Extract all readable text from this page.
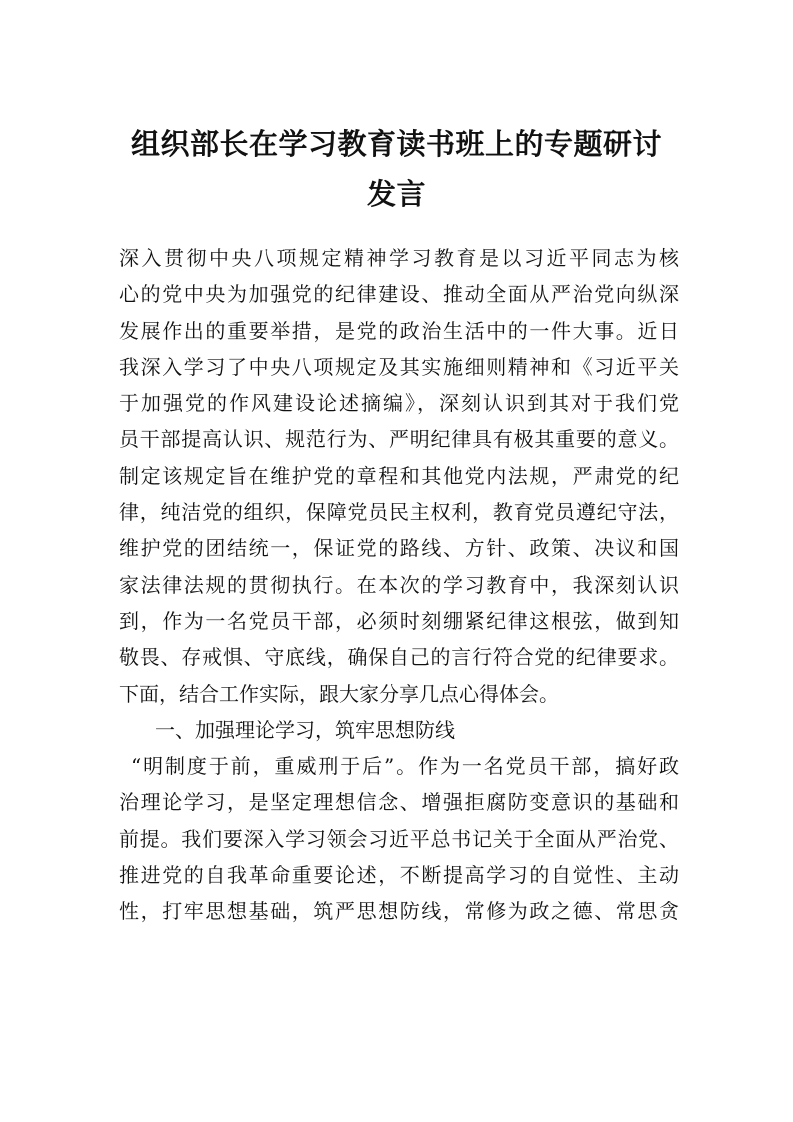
组织部长在学习教育读书班上的专题研讨
发言
深入贯彻中央八项规定精神学习教育是以习近平同志为核
心的党中央为加强党的纪律建设、推动全面从严治党向纵深
发展作出的重要举措，是党的政治生活中的一件大事。近日
我深入学习了中央八项规定及其实施细则精神和《习近平关
于加强党的作风建设论述摘编》，深刻认识到其对于我们党
员干部提高认识、规范行为、严明纪律具有极其重要的意义。
制定该规定旨在维护党的章程和其他党内法规，严肃党的纪
律，纯洁党的组织，保障党员民主权利，教育党员遵纪守法，
维护党的团结统一，保证党的路线、方针、政策、决议和国
家法律法规的贯彻执行。在本次的学习教育中，我深刻认识
到，作为一名党员干部，必须时刻绷紧纪律这根弦，做到知
敬畏、存戒惧、守底线，确保自己的言行符合党的纪律要求。
下面，结合工作实际，跟大家分享几点心得体会。
一、加强理论学习，筑牢思想防线
“明制度于前，重威刑于后”。作为一名党员干部，搞好政
治理论学习，是坚定理想信念、增强拒腐防变意识的基础和
前提。我们要深入学习领会习近平总书记关于全面从严治党、
推进党的自我革命重要论述，不断提高学习的自觉性、主动
性，打牢思想基础，筑严思想防线，常修为政之德、常思贪
